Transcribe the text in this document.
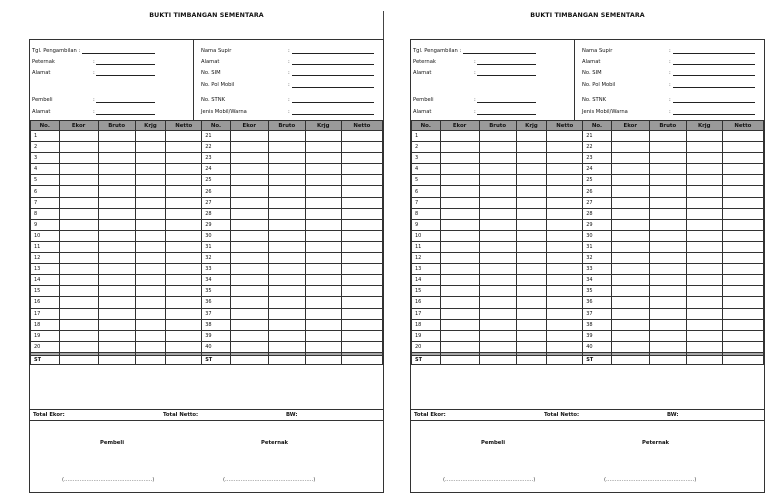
BUKTI TIMBANGAN SEMENTARA
Tgl. Pengambilan :
Peternak	:
Alamat	:
Pembeli	:
Alamat	:
Nama Supir	:
Alamat	:
No. SIM	:
No. Pol Mobil	:
No. STNK	:
Jenis Mobil/Warna	:
No.	Ekor	Bruto	Krjg	Netto	No.	Ekor	Bruto	Krjg	Netto
1					21				
2					22				
3					23				
4					24				
5					25				
6					26				
7					27				
8					28				
9					29				
10					30				
11					31				
12					32				
13					33				
14					34				
15					35				
16					36				
17					37				
18					38				
19					39				
20					40				

ST					ST				
Total Ekor:	Total Netto:	BW:
Pembeli	Peternak
(……………………………………………)	(……………………………………………)
BUKTI TIMBANGAN SEMENTARA
Tgl. Pengambilan :
Peternak	:
Alamat	:
Pembeli	:
Alamat	:
Nama Supir	:
Alamat	:
No. SIM	:
No. Pol Mobil	:
No. STNK	:
Jenis Mobil/Warna	:
No.	Ekor	Bruto	Krjg	Netto	No.	Ekor	Bruto	Krjg	Netto
1					21				
2					22				
3					23				
4					24				
5					25				
6					26				
7					27				
8					28				
9					29				
10					30				
11					31				
12					32				
13					33				
14					34				
15					35				
16					36				
17					37				
18					38				
19					39				
20					40				

ST					ST				
Total Ekor:	Total Netto:	BW:
Pembeli	Peternak
(……………………………………………)	(……………………………………………)
